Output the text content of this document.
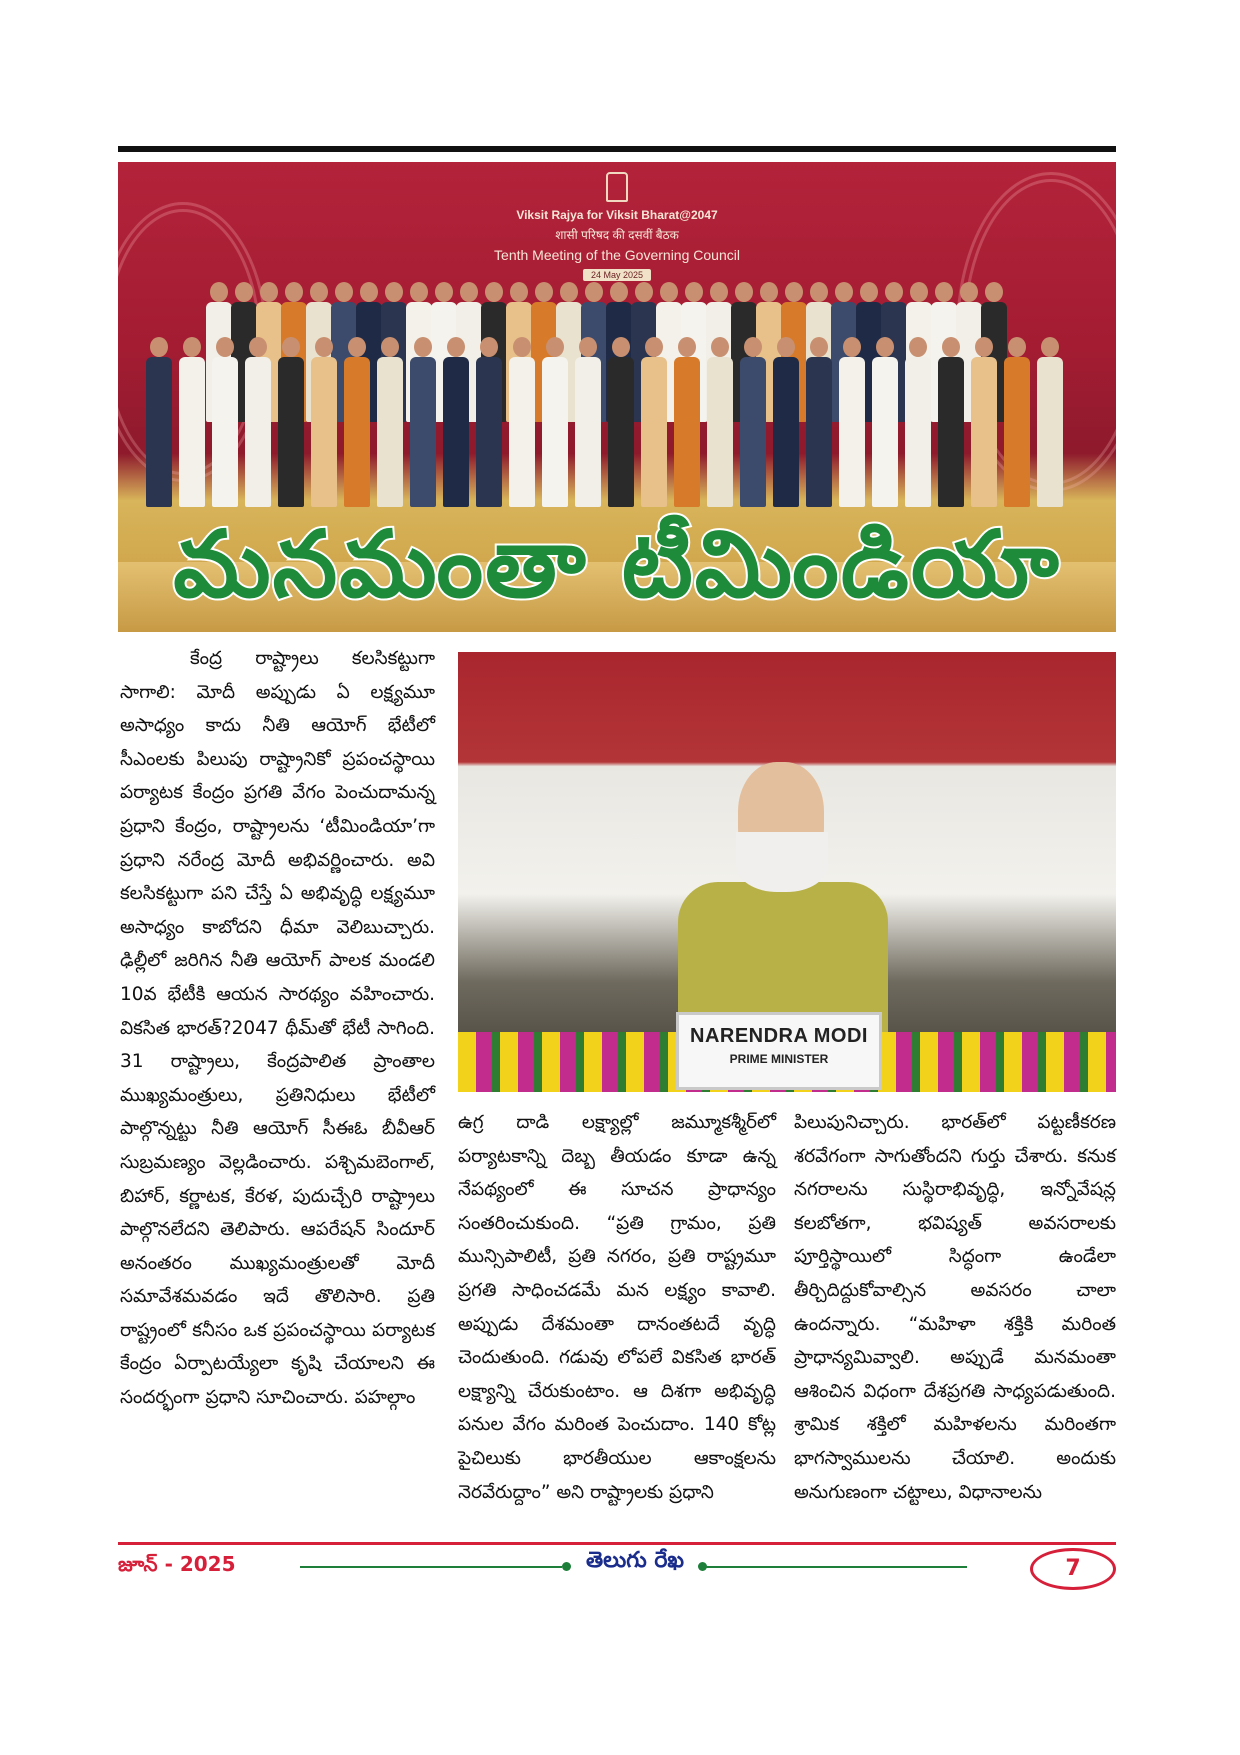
Viksit Rajya for Viksit Bharat@2047
शासी परिषद की दसवीं बैठक
Tenth Meeting of the Governing Council
24 May 2025
మనమంతా టీమిండియా

కేంద్ర రాష్ట్రాలు కలసికట్టుగా సాగాలి: మోదీ అప్పుడు ఏ లక్ష్యమూ అసాధ్యం కాదు నీతి ఆయోగ్ భేటీలో సీఎంలకు పిలుపు రాష్ట్రానికో ప్రపంచస్థాయి పర్యాటక కేంద్రం ప్రగతి వేగం పెంచుదామన్న ప్రధాని కేంద్రం, రాష్ట్రాలను ‘టీమిండియా’గా ప్రధాని నరేంద్ర మోదీ అభివర్ణించారు. అవి కలసికట్టుగా పని చేస్తే ఏ అభివృద్ధి లక్ష్యమూ అసాధ్యం కాబోదని ధీమా వెలిబుచ్చారు. ఢిల్లీలో జరిగిన నీతి ఆయోగ్ పాలక మండలి 10వ భేటీకి ఆయన సారథ్యం వహించారు. వికసిత భారత్?2047 థీమ్‌తో భేటీ సాగింది. 31 రాష్ట్రాలు, కేంద్రపాలిత ప్రాంతాల ముఖ్యమంత్రులు, ప్రతినిధులు భేటీలో పాల్గొన్నట్టు నీతి ఆయోగ్ సీఈఓ బీవీఆర్ సుబ్రమణ్యం వెల్లడించారు. పశ్చిమబెంగాల్, బిహార్, కర్ణాటక, కేరళ, పుదుచ్చేరి రాష్ట్రాలు పాల్గొనలేదని తెలిపారు. ఆపరేషన్ సిందూర్ అనంతరం ముఖ్యమంత్రులతో మోదీ సమావేశమవడం ఇదే తొలిసారి. ప్రతి రాష్ట్రంలో కనీసం ఒక ప్రపంచస్థాయి పర్యాటక కేంద్రం ఏర్పాటయ్యేలా కృషి చేయాలని ఈ సందర్భంగా ప్రధాని సూచించారు. పహల్గాం

NARENDRA MODI
PRIME MINISTER

ఉగ్ర దాడి లక్ష్యాల్లో జమ్మూకశ్మీర్‌లో పర్యాటకాన్ని దెబ్బ తీయడం కూడా ఉన్న నేపథ్యంలో ఈ సూచన ప్రాధాన్యం సంతరించుకుంది. “ప్రతి గ్రామం, ప్రతి మున్సిపాలిటీ, ప్రతి నగరం, ప్రతి రాష్ట్రమూ ప్రగతి సాధించడమే మన లక్ష్యం కావాలి. అప్పుడు దేశమంతా దానంతటదే వృద్ధి చెందుతుంది. గడువు లోపలే వికసిత భారత్ లక్ష్యాన్ని చేరుకుంటాం. ఆ దిశగా అభివృద్ధి పనుల వేగం మరింత పెంచుదాం. 140 కోట్ల పైచిలుకు భారతీయుల ఆకాంక్షలను నెరవేరుద్దాం” అని రాష్ట్రాలకు ప్రధాని

పిలుపునిచ్చారు. భారత్‌లో పట్టణీకరణ శరవేగంగా సాగుతోందని గుర్తు చేశారు. కనుక నగరాలను సుస్థిరాభివృద్ధి, ఇన్నోవేషన్ల కలబోతగా, భవిష్యత్ అవసరాలకు పూర్తిస్థాయిలో సిద్ధంగా ఉండేలా తీర్చిదిద్దుకోవాల్సిన అవసరం చాలా ఉందన్నారు. “మహిళా శక్తికి మరింత ప్రాధాన్యమివ్వాలి. అప్పుడే మనమంతా ఆశించిన విధంగా దేశప్రగతి సాధ్యపడుతుంది. శ్రామిక శక్తిలో మహిళలను మరింతగా భాగస్వాములను చేయాలి. అందుకు అనుగుణంగా చట్టాలు, విధానాలను

జూన్ - 2025	తెలుగు రేఖ	7
